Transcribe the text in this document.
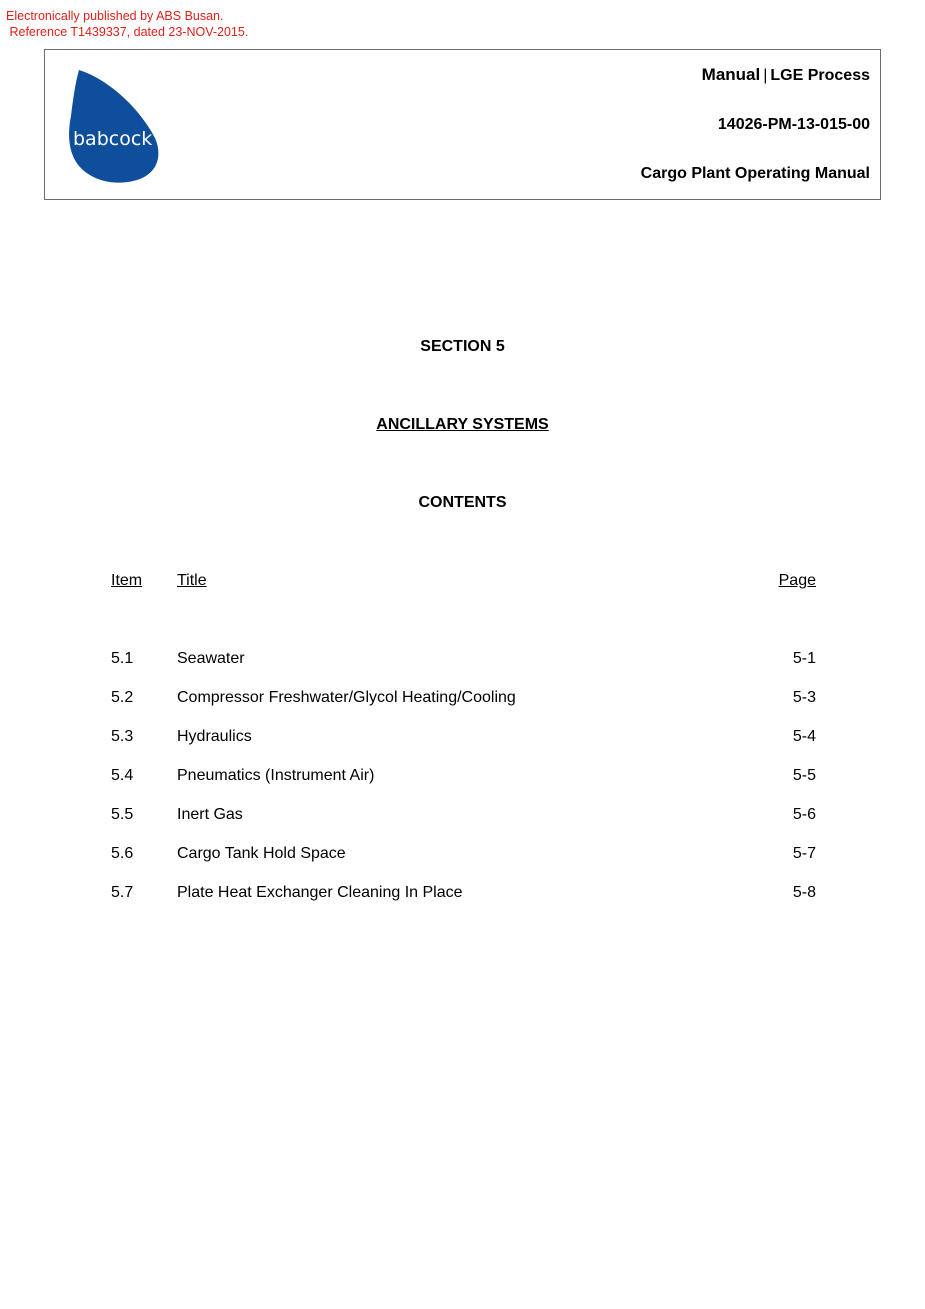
Electronically published by ABS Busan.
Reference T1439337, dated 23-NOV-2015.
babcock
Manual | LGE Process
14026-PM-13-015-00
Cargo Plant Operating Manual
SECTION 5
ANCILLARY SYSTEMS
CONTENTS
Item Title	Page
5.1	Seawater	5-1
5.2	Compressor Freshwater/Glycol Heating/Cooling	5-3
5.3	Hydraulics	5-4
5.4	Pneumatics (Instrument Air)	5-5
5.5	Inert Gas	5-6
5.6	Cargo Tank Hold Space	5-7
5.7	Plate Heat Exchanger Cleaning In Place	5-8
